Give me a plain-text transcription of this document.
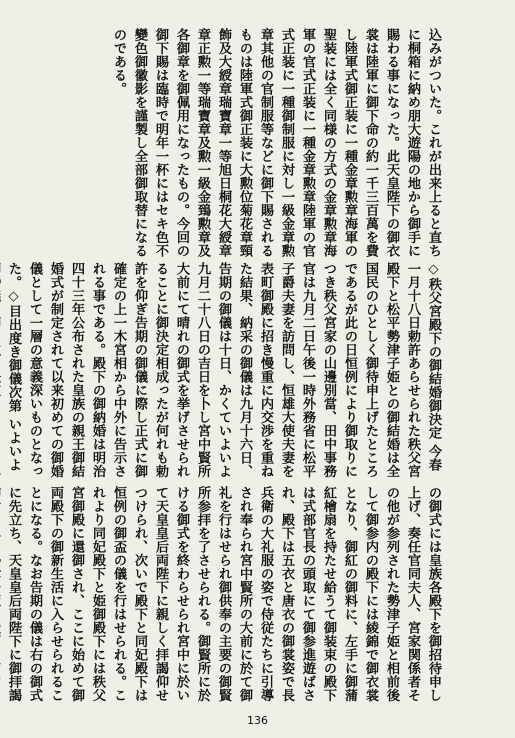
込みがついた。これが出来上ると直ちに桐箱に納め朋大遊陽の地から御手に賜わる事になった。此天皇陛下の御衣裳は陸軍に御下命の約一千三百萬を費し陸軍式御正装に一種金章勲章海軍の聖装には全く同様の方式の金章勲章海軍の官式正装に一種金章勲章陸軍の官式正装に一種御制服に対し一級金章勲章其他の官制服等などに御下賜されるものは陸軍式御正装に大勲位菊花章頸飾及大綬章瑞寶章一等旭日桐花大綬章章正勲一等瑞寶章及勲一級金鵄勲章及各御章を御佩用になったもの。今回の御下賜は臨時で明年一杯にはセキ色不變色御徽影を謹製し全部御取替になるのである。

◇秩父宮殿下の御結婚御決定 今春一月十八日勅許あらせられた秩父宮殿下と松平勢津子姫との御結婚は全国民のひとしく御待申上げたところであるが此の日恒例により御取りにつき秩父宮家の山邊別當、田中事務官は九月二日午後一時外務省に松平子爵夫妻を訪問し、恒雄大使夫妻を表町御殿に招き慢重に内交渉を重ねた結果、納采の御儀は九月十六日、告期の御儀は十日、かくていよいよ九月二十八日の吉日を卜し宮中賢所大前にて晴れの御式を挙げさせられることに御決定相成ったが何れも勅許を仰ぎ告期の御儀に際し正式に御確定の上一木宮相から中外に告示される事である。殿下の御納婚は明治四十三年公布された皇族の親王御結婚式が制定されて以来初めての御婚儀として一層の意義深いものとなった。◇目出度き御儀次第 いよいよ

の御式には皇族各殿下を御招待申し上げ、奏任官同夫人、宮家関係者その他が参列された勢津子姫と相前後して御参内の殿下には綾錦で御衣裳となり、御紅の御料に、左手に御蒲紅檜扇を持たせ給うて御装束の殿下は式部官長の頭取にて御参進遊ばされ、殿下は五衣と唐衣の御裳姿で長兵衛の大礼服の姿で侍従たちに引導され奉られ宮中賢所の大前に於て御礼を行はせられ御供奉の主要の御賢所参拝を了させられる。御賢所に於ける御式を終わらせられ宮中に於いて天皇皇后両陛下に親しく拝謁仰せつけられ、次いで殿下と同妃殿下は恒例の御盃の儀を行はせられる。これより同妃殿下と姫御殿下には秩父宮御殿に還御され、ここに始めて御両殿下の御新生活に入らせられることになる。なお告期の儀は右の御式に先立ち、天皇皇后両陛下に御拝謁

136
